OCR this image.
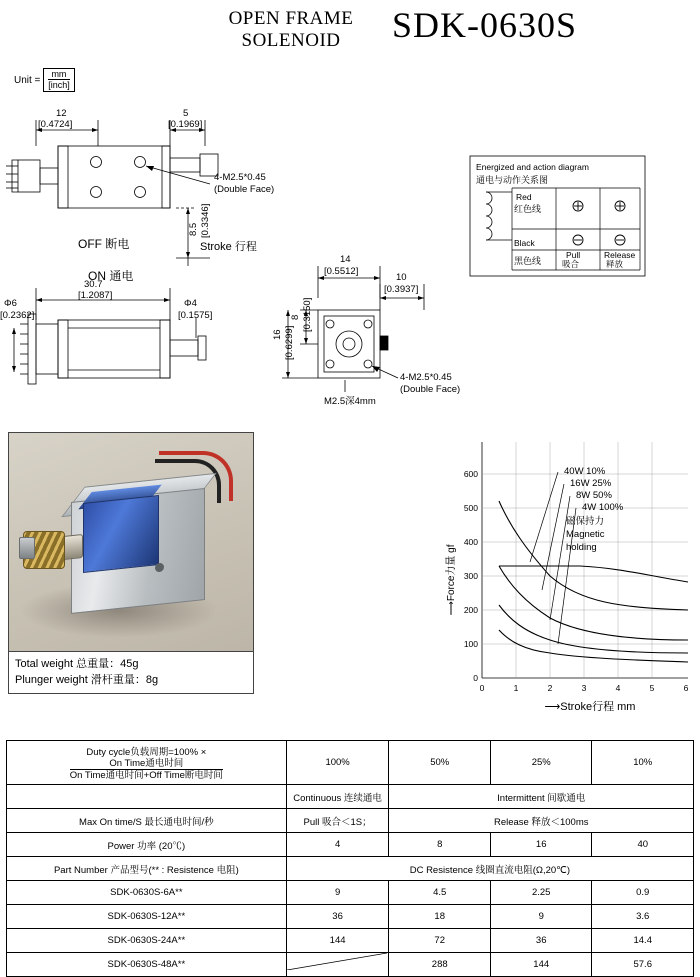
OPEN FRAME
SOLENOID	SDK-0630S
Unit =
mm
[inch]
12
[0.4724]
5
[0.1969]
8.5 [0.3346]
4-M2.5*0.45
(Double Face)
OFF 断电	Stroke 行程
ON 通电
30.7
[1.2087]
Φ6
[0.2362]
Φ4
[0.1575]
14
[0.5512]
10
[0.3937]
8 [0.3150]
16 [0.6299]
4-M2.5*0.45
(Double Face)
M2.5深4mm
Energized and action diagram
通电与动作关系图
Red
红色线
Black
黑色线
Pull
吸合
Release
释放
Total weight 总重量：45g
Plunger weight 滑杆重量：8g	0
100
200
300
400
500
600
0	1	2	3	4	5	6
⟶Force力量 gf
⟶Stroke行程 mm
40W 10%
16W 25%
8W 50%
4W 100%
磁保持力
Magnetic
holding
Duty cycle负载周期=100% ×
$\frac{\text{On Time通电时间}}{\text{On Time通电时间+Off Time断电时间}}$	100%	50%	25%	10%
	Continuous 连续通电	Intermittent 间歇通电		
Max On time/S 最长通电时间/秒	Pull 吸合＜1S；	Release 释放＜100ms		
Power 功率 (20℃)	4	8	16	40
Part Number 产品型号(** : Resistence 电阻)	DC Resistence 线圈直流电阻(Ω,20℃)			
SDK-0630S-6A**	9	4.5	2.25	0.9
SDK-0630S-12A**	36	18	9	3.6
SDK-0630S-24A**	144	72	36	14.4
SDK-0630S-48A**		288	144	57.6
